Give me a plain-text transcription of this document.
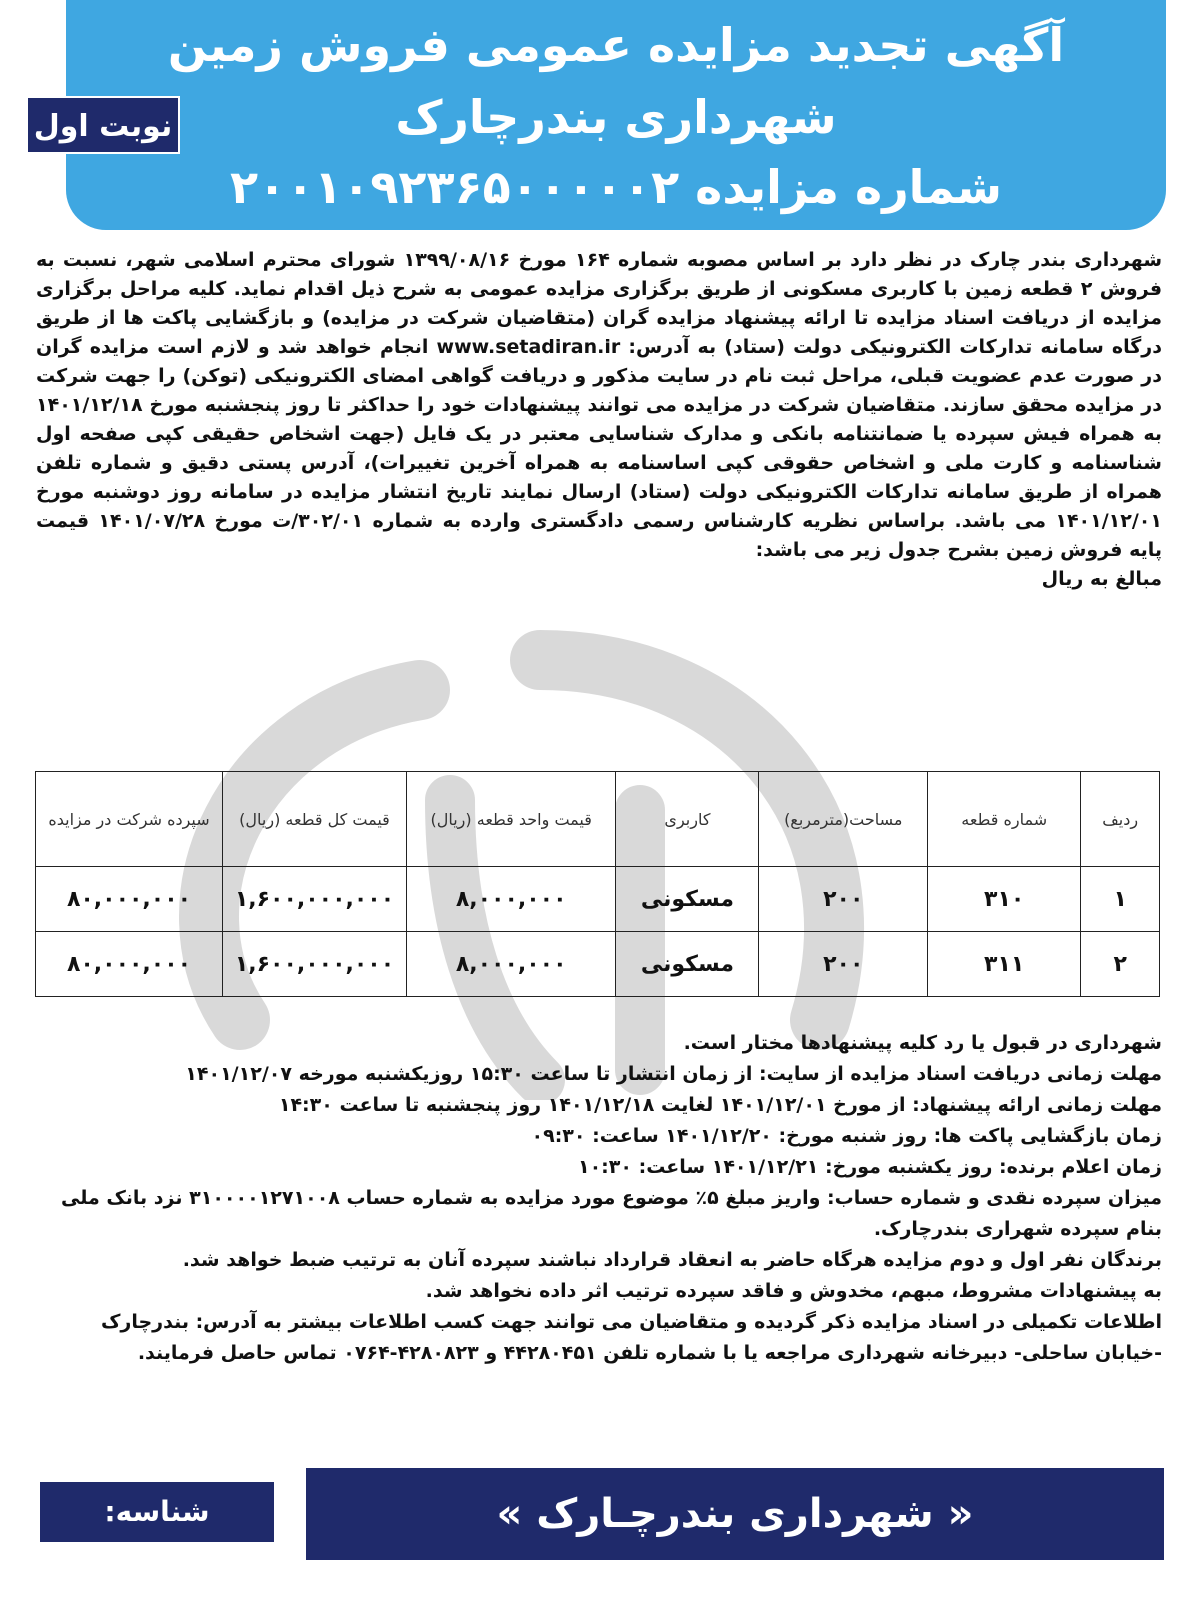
آگهی تجدید مزایده عمومی فروش زمین
شهرداری بندرچارک
شماره مزایده ۲۰۰۱۰۹۲۳۶۵۰۰۰۰۰۲
نوبت اول

شهرداری بندر چارک در نظر دارد بر اساس مصوبه شماره ۱۶۴ مورخ ۱۳۹۹/۰۸/۱۶ شورای محترم اسلامی شهر، نسبت به فروش ۲ قطعه زمین با کاربری مسکونی از طریق برگزاری مزایده عمومی به شرح ذیل اقدام نماید. کلیه مراحل برگزاری مزایده از دریافت اسناد مزایده تا ارائه پیشنهاد مزایده گران (متقاضیان شرکت در مزایده) و بازگشایی پاکت ها از طریق درگاه سامانه تدارکات الکترونیکی دولت (ستاد) به آدرس: www.setadiran.ir انجام خواهد شد و لازم است مزایده گران در صورت عدم عضویت قبلی، مراحل ثبت نام در سایت مذکور و دریافت گواهی امضای الکترونیکی (توکن) را جهت شرکت در مزایده محقق سازند. متقاضیان شرکت در مزایده می توانند پیشنهادات خود را حداکثر تا روز پنجشنبه مورخ ۱۴۰۱/۱۲/۱۸ به همراه فیش سپرده یا ضمانتنامه بانکی و مدارک شناسایی معتبر در یک فایل (جهت اشخاص حقیقی کپی صفحه اول شناسنامه و کارت ملی و اشخاص حقوقی کپی اساسنامه به همراه آخرین تغییرات)، آدرس پستی دقیق و شماره تلفن همراه از طریق سامانه تدارکات الکترونیکی دولت (ستاد) ارسال نمایند تاریخ انتشار مزایده در سامانه روز دوشنبه مورخ ۱۴۰۱/۱۲/۰۱ می باشد. براساس نظریه کارشناس رسمی دادگستری وارده به شماره ۳۰۲/۰۱/ت مورخ ۱۴۰۱/۰۷/۲۸ قیمت پایه فروش زمین بشرح جدول زیر می باشد:

مبالغ به ریال

ردیف	شماره قطعه	مساحت(مترمربع)	کاربری	قیمت واحد قطعه (ریال)	قیمت کل قطعه (ریال)	سپرده شرکت در مزایده
۱	۳۱۰	۲۰۰	مسکونی	۸,۰۰۰,۰۰۰	۱,۶۰۰,۰۰۰,۰۰۰	۸۰,۰۰۰,۰۰۰
۲	۳۱۱	۲۰۰	مسکونی	۸,۰۰۰,۰۰۰	۱,۶۰۰,۰۰۰,۰۰۰	۸۰,۰۰۰,۰۰۰

شهرداری در قبول یا رد کلیه پیشنهادها مختار است.

مهلت زمانی دریافت اسناد مزایده از سایت: از زمان انتشار تا ساعت ۱۵:۳۰ روزیکشنبه مورخه ۱۴۰۱/۱۲/۰۷

مهلت زمانی ارائه پیشنهاد: از مورخ ۱۴۰۱/۱۲/۰۱ لغایت ۱۴۰۱/۱۲/۱۸ روز پنجشنبه تا ساعت ۱۴:۳۰

زمان بازگشایی پاکت ها: روز شنبه مورخ: ۱۴۰۱/۱۲/۲۰ ساعت: ۰۹:۳۰

زمان اعلام برنده: روز یکشنبه مورخ: ۱۴۰۱/۱۲/۲۱ ساعت: ۱۰:۳۰

میزان سپرده نقدی و شماره حساب: واریز مبلغ ۵٪ موضوع مورد مزایده به شماره حساب ۳۱۰۰۰۰۱۲۷۱۰۰۸ نزد بانک ملی بنام سپرده شهراری بندرچارک.

برندگان نفر اول و دوم مزایده هرگاه حاضر به انعقاد قرارداد نباشند سپرده آنان به ترتیب ضبط خواهد شد.

به پیشنهادات مشروط، مبهم، مخدوش و فاقد سپرده ترتیب اثر داده نخواهد شد.

اطلاعات تکمیلی در اسناد مزایده ذکر گردیده و متقاضیان می توانند جهت کسب اطلاعات بیشتر به آدرس: بندرچارک -خیابان ساحلی- دبیرخانه شهرداری مراجعه یا با شماره تلفن ۴۴۲۸۰۴۵۱ و ۴۲۸۰۸۲۳-۰۷۶۴ تماس حاصل فرمایند.

« شهرداری بندرچـارک »
شناسه: ۱۴۵۷۸۶۰
